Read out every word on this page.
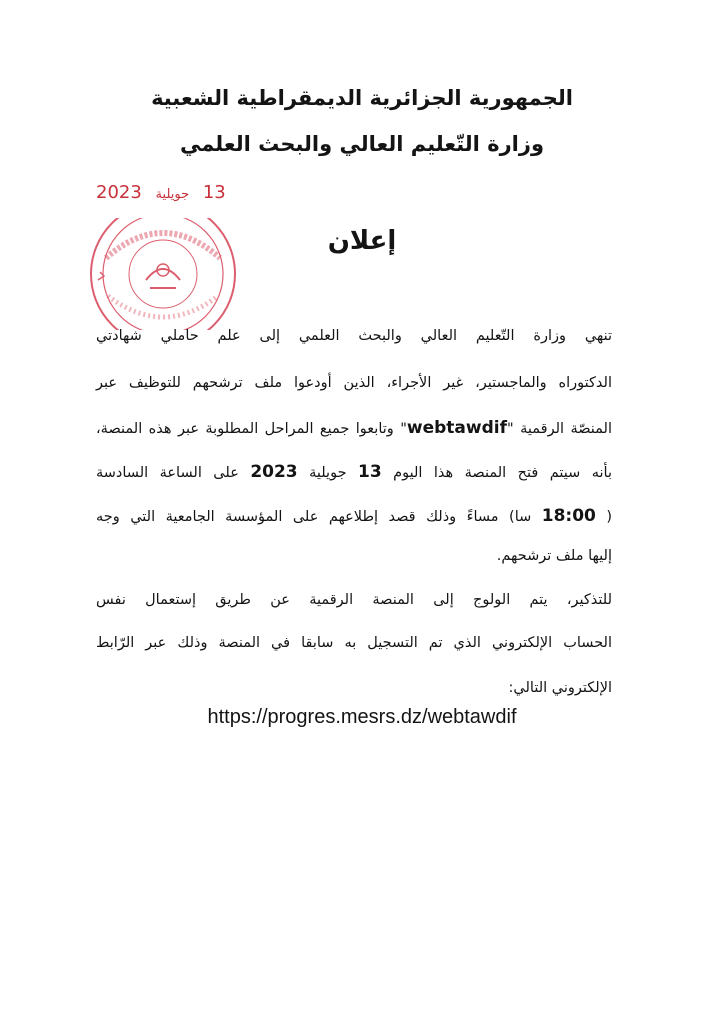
الجمهورية الجزائرية الديمقراطية الشعبية
وزارة التّعليم العالي والبحث العلمي
13 جويلية 2023
إعلان
تنهي وزارة التّعليم العالي والبحث العلمي إلى علم حاملي شهادتي
الدكتوراه والماجستير، غير الأجراء، الذين أودعوا ملف ترشحهم للتوظيف عبر
المنصّة الرقمية "webtawdif" وتابعوا جميع المراحل المطلوبة عبر هذه المنصة،
بأنه سيتم فتح المنصة هذا اليوم 13 جويلية 2023 على الساعة السادسة
( 18:00 سا) مساءً وذلك قصد إطلاعهم على المؤسسة الجامعية التي وجه
إليها ملف ترشحهم.
للتذكير، يتم الولوج إلى المنصة الرقمية عن طريق إستعمال نفس
الحساب الإلكتروني الذي تم التسجيل به سابقا في المنصة وذلك عبر الرّابط
الإلكتروني التالي:
https://progres.mesrs.dz/webtawdif
